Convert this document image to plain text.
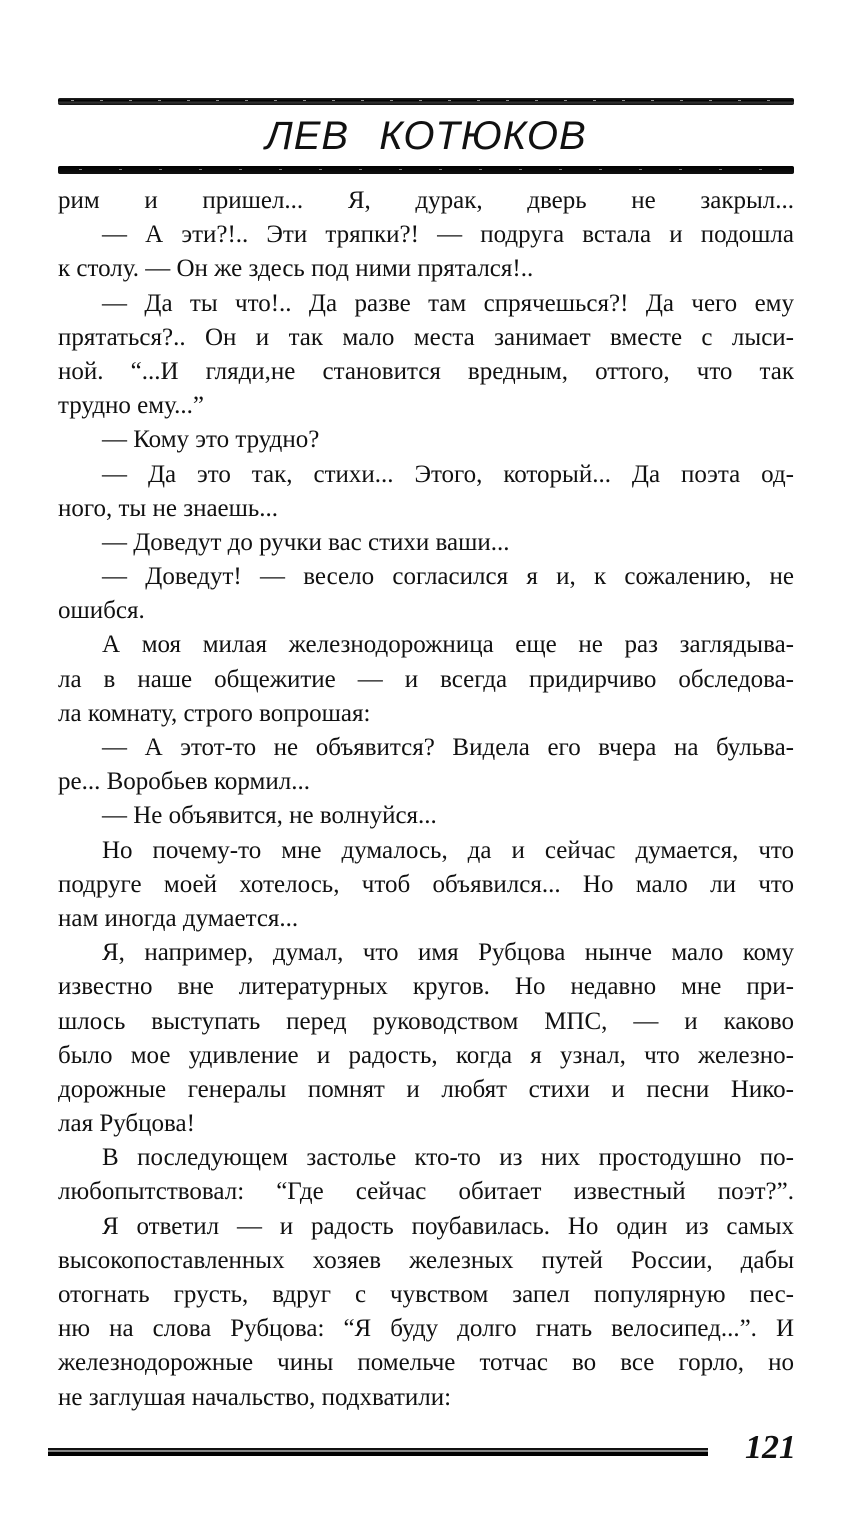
ЛЕВ КОТЮКОВ
рим и пришел... Я, дурак, дверь не закрыл...
— А эти?!.. Эти тряпки?! — подруга встала и подошла
к столу. — Он же здесь под ними прятался!..
— Да ты что!.. Да разве там спрячешься?! Да чего ему
прятаться?.. Он и так мало места занимает вместе с лыси-
ной. “...И гляди,не становится вредным, оттого, что так
трудно ему...”
— Кому это трудно?
— Да это так, стихи... Этого, который... Да поэта од-
ного, ты не знаешь...
— Доведут до ручки вас стихи ваши...
— Доведут! — весело согласился я и, к сожалению, не
ошибся.
А моя милая железнодорожница еще не раз заглядыва-
ла в наше общежитие — и всегда придирчиво обследова-
ла комнату, строго вопрошая:
— А этот-то не объявится? Видела его вчера на бульва-
ре... Воробьев кормил...
— Не объявится, не волнуйся...
Но почему-то мне думалось, да и сейчас думается, что
подруге моей хотелось, чтоб объявился... Но мало ли что
нам иногда думается...
Я, например, думал, что имя Рубцова нынче мало кому
известно вне литературных кругов. Но недавно мне при-
шлось выступать перед руководством МПС, — и каково
было мое удивление и радость, когда я узнал, что железно-
дорожные генералы помнят и любят стихи и песни Нико-
лая Рубцова!
В последующем застолье кто-то из них простодушно по-
любопытствовал: “Где сейчас обитает известный поэт?”.
Я ответил — и радость поубавилась. Но один из самых
высокопоставленных хозяев железных путей России, дабы
отогнать грусть, вдруг с чувством запел популярную пес-
ню на слова Рубцова: “Я буду долго гнать велосипед...”. И
железнодорожные чины помельче тотчас во все горло, но
не заглушая начальство, подхватили:
121
